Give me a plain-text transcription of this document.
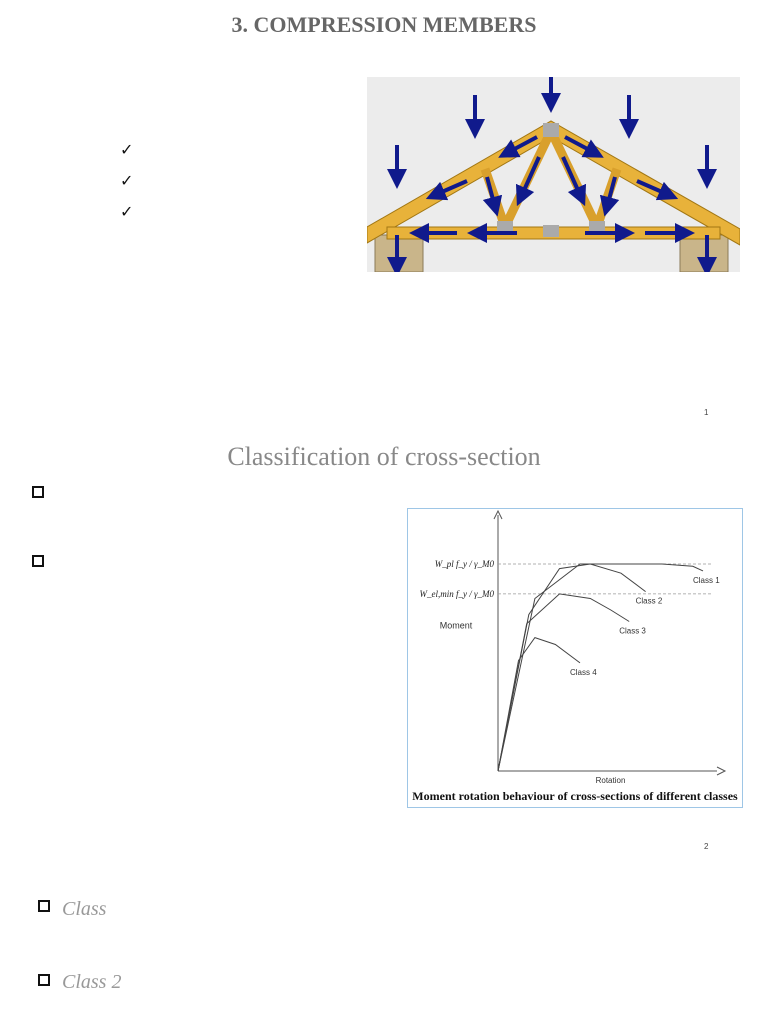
3. COMPRESSION MEMBERS
✓
✓
✓
1
Classification of cross-section
Rotation
Moment
W_pl f_y / γ_M0
W_el,min f_y / γ_M0
Class 1
Class 2
Class 3
Class 4
Moment rotation behaviour of cross-sections of different classes
2
Class
Class 2
